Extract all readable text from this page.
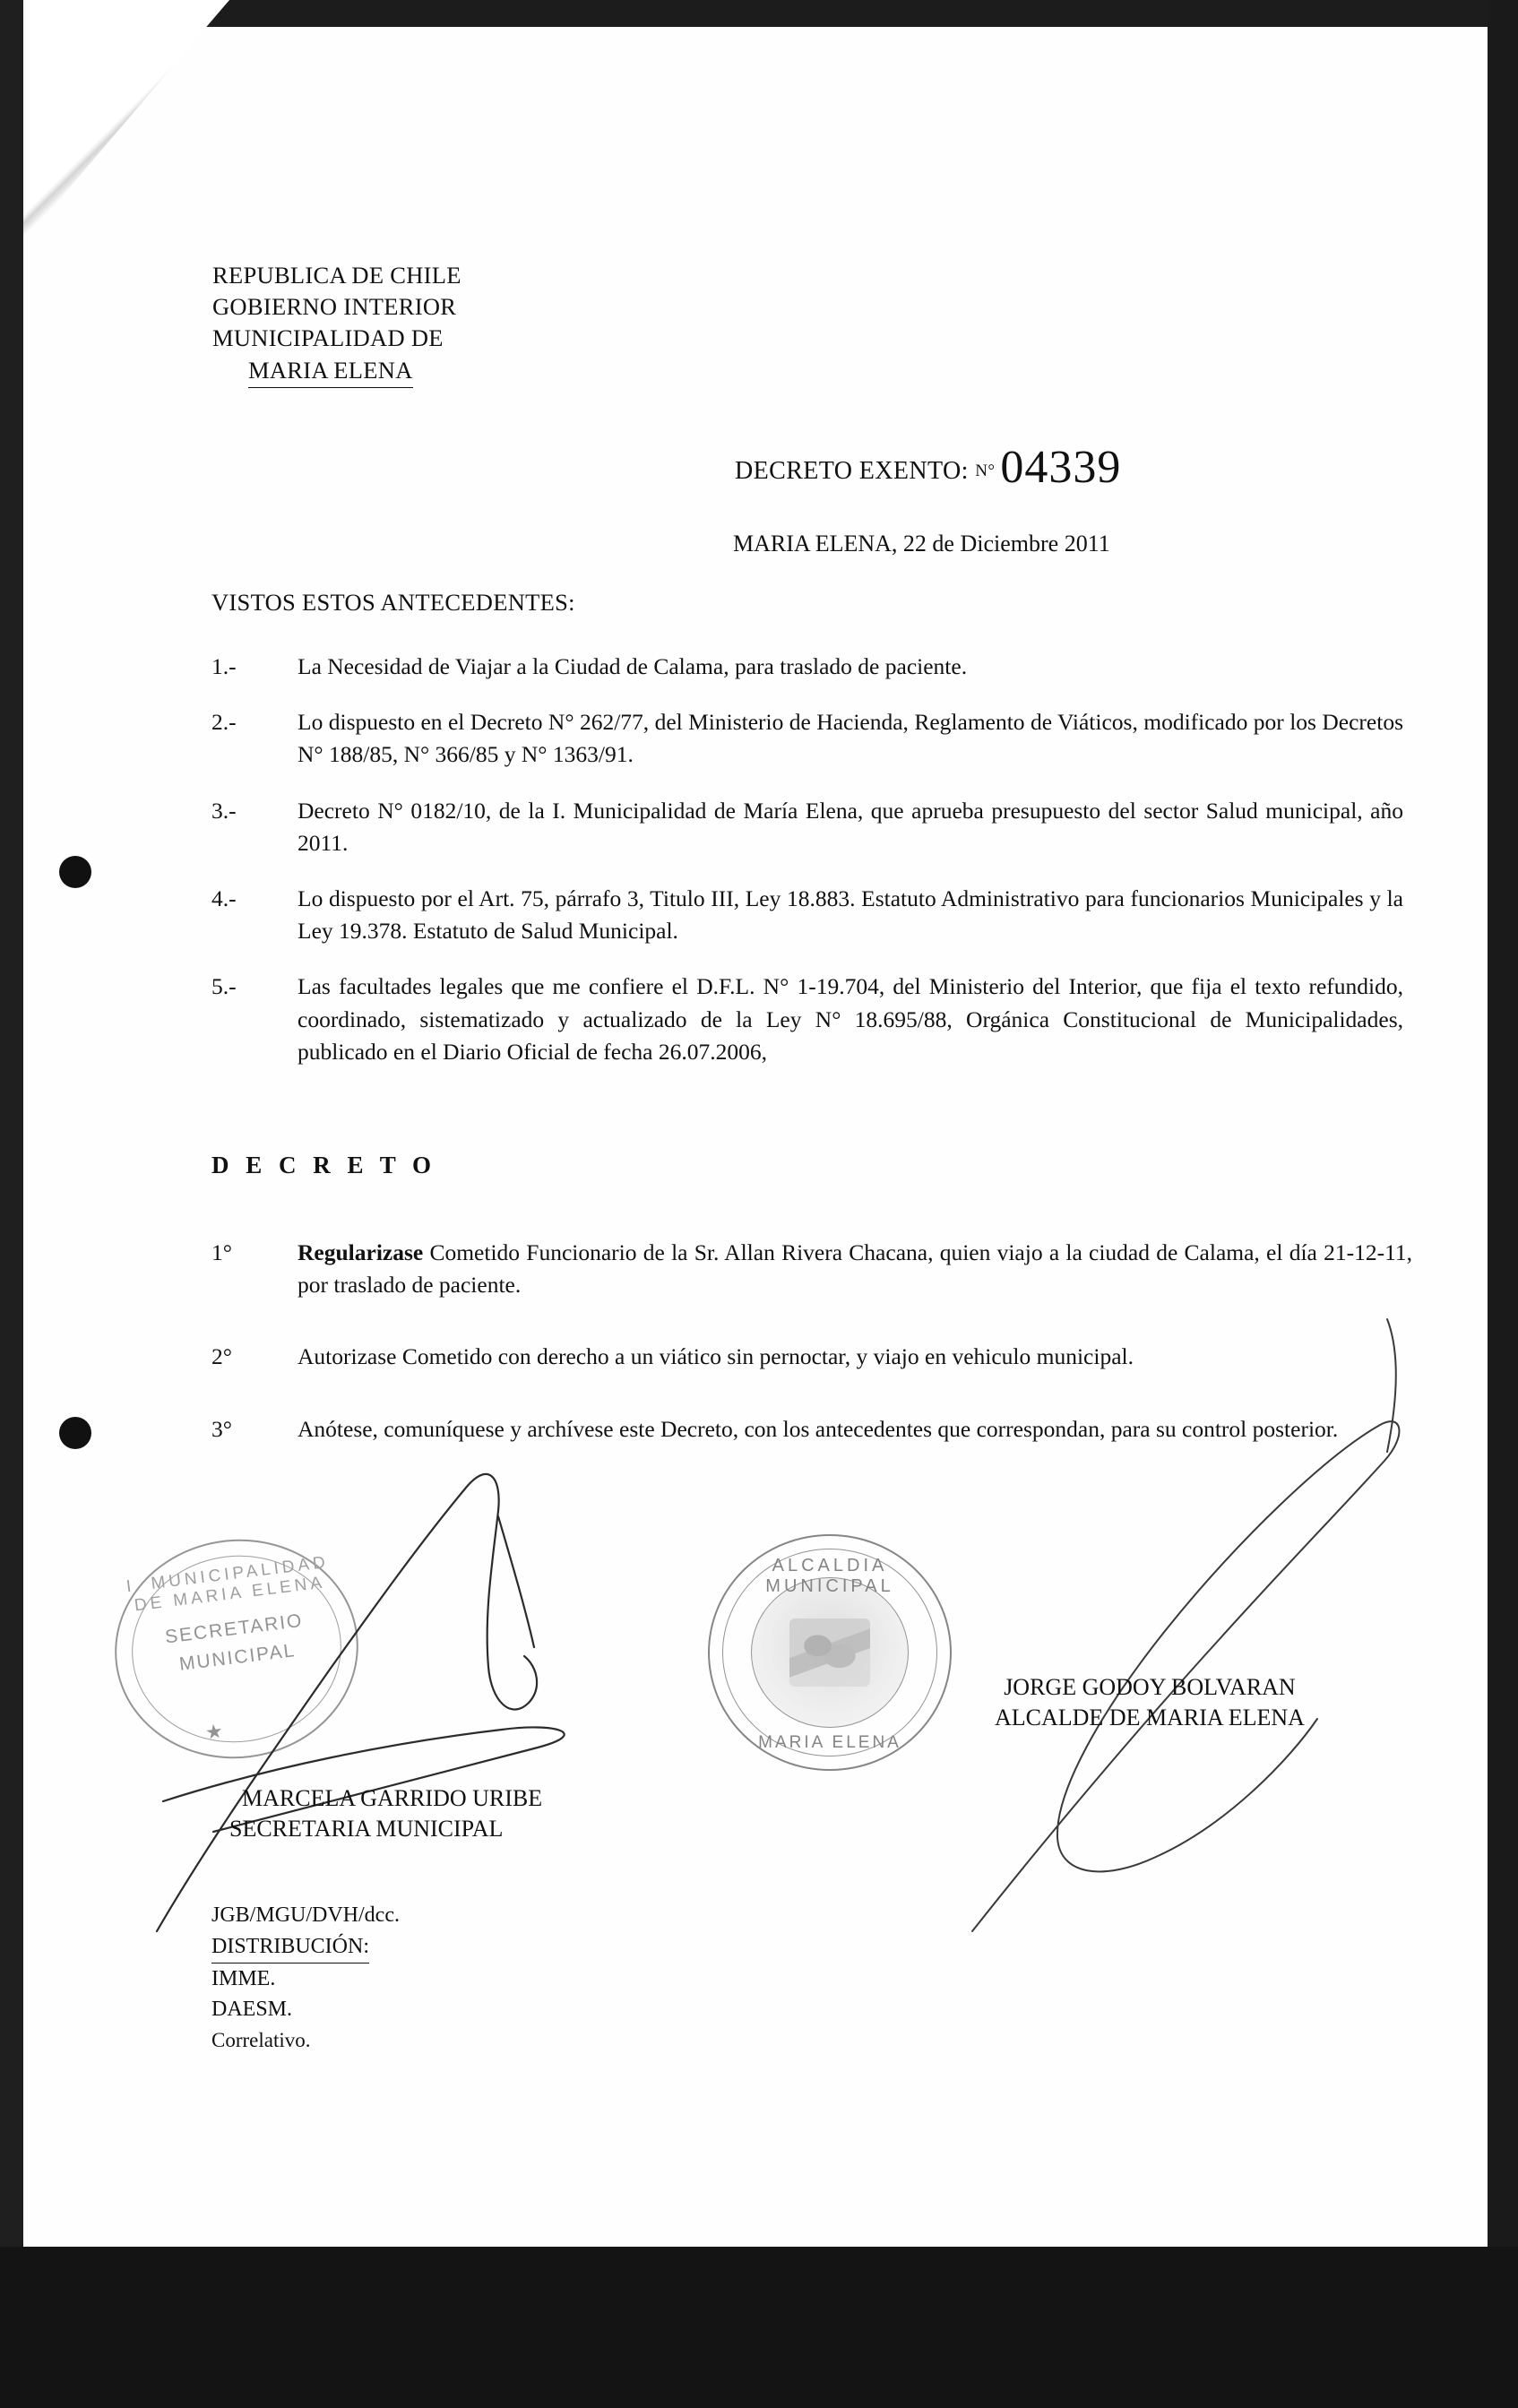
REPUBLICA DE CHILE
GOBIERNO INTERIOR
MUNICIPALIDAD DE
MARIA ELENA
DECRETO EXENTO: N° 04339
MARIA ELENA, 22 de Diciembre 2011
VISTOS ESTOS ANTECEDENTES:
1.-	La Necesidad de Viajar a la Ciudad de Calama, para traslado de paciente.
2.-	Lo dispuesto en el Decreto N° 262/77, del Ministerio de Hacienda, Reglamento de Viáticos, modificado por los Decretos N° 188/85, N° 366/85 y N° 1363/91.
3.-	Decreto N° 0182/10, de la I. Municipalidad de María Elena, que aprueba presupuesto del sector Salud municipal, año 2011.
4.-	Lo dispuesto por el Art. 75, párrafo 3, Titulo III, Ley 18.883. Estatuto Administrativo para funcionarios Municipales y la Ley 19.378. Estatuto de Salud Municipal.
5.-	Las facultades legales que me confiere el D.F.L. N° 1-19.704, del Ministerio del Interior, que fija el texto refundido, coordinado, sistematizado y actualizado de la Ley N° 18.695/88, Orgánica Constitucional de Municipalidades, publicado en el Diario Oficial de fecha 26.07.2006,
D E C R E T O
1°	Regularizase Cometido Funcionario de la Sr. Allan Rivera Chacana, quien viajo a la ciudad de Calama, el día 21-12-11, por traslado de paciente.
2°	Autorizase Cometido con derecho a un viático sin pernoctar, y viajo en vehiculo municipal.
3°	Anótese, comuníquese y archívese este Decreto, con los antecedentes que correspondan, para su control posterior.
I. MUNICIPALIDAD DE MARIA ELENA
SECRETARIO
MUNICIPAL
★
ALCALDIA MUNICIPAL
MARIA ELENA
JORGE GODOY BOLVARAN
ALCALDE DE MARIA ELENA
MARCELA GARRIDO URIBE
SECRETARIA MUNICIPAL
JGB/MGU/DVH/dcc.
DISTRIBUCIÓN:
IMME.
DAESM.
Correlativo.
